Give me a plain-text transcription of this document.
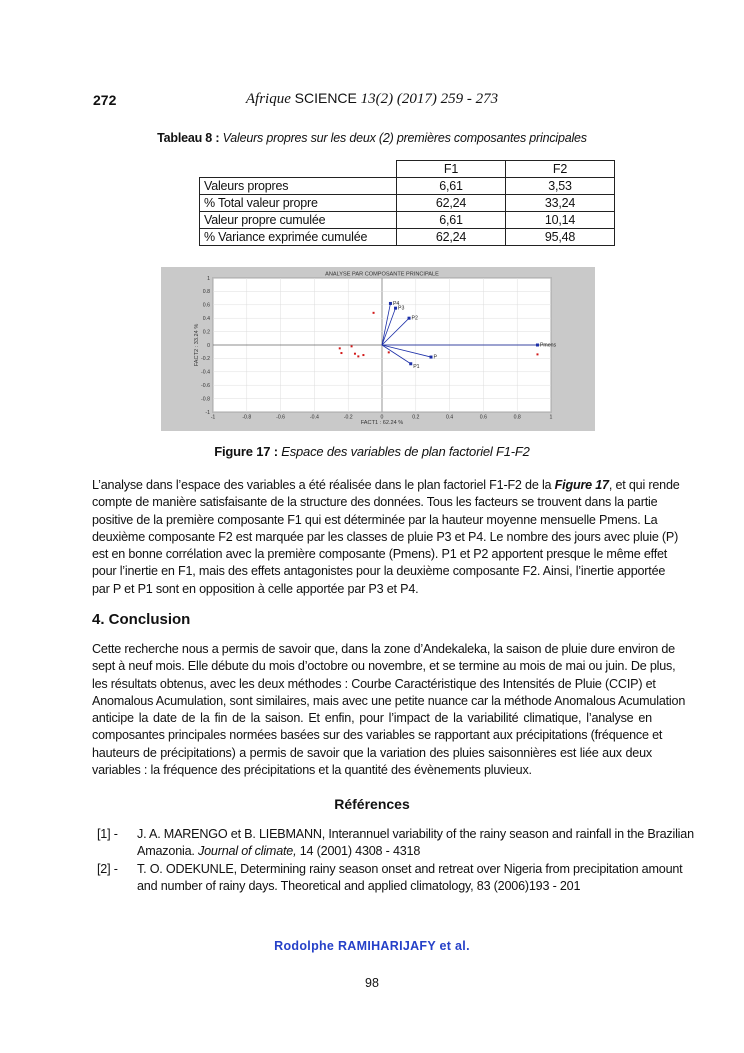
272	Afrique SCIENCE 13(2) (2017) 259 - 273
Tableau 8 : Valeurs propres sur les deux (2) premières composantes principales
	F1	F2
Valeurs propres	6,61	3,53
% Total valeur propre	62,24	33,24
Valeur propre cumulée	6,61	10,14
% Variance exprimée cumulée	62,24	95,48
ANALYSE PAR COMPOSANTE PRINCIPALE
FACT1 : 62.24 %
FACT2 : 33.24 %
-1	-0.8	-0.6	-0.4	-0.2	0	0.2	0.4	0.6	0.8	1
1
0.8
0.6
0.4
0.2
0
-0.2
-0.4
-0.6
-0.8
-1
P4
P3
P2
P
P1
Pmens
Figure 17 : Espace des variables de plan factoriel F1-F2
L’analyse dans l’espace des variables a été réalisée dans le plan factoriel F1-F2 de la Figure 17, et qui rende
compte de manière satisfaisante de la structure des données. Tous les facteurs se trouvent dans la partie
positive de la première composante F1 qui est déterminée par la hauteur moyenne mensuelle Pmens. La
deuxième composante F2 est marquée par les classes de pluie P3 et P4. Le nombre des jours avec pluie (P)
est en bonne corrélation avec la première composante (Pmens). P1 et P2 apportent presque le même effet
pour l’inertie en F1, mais des effets antagonistes pour la deuxième composante F2. Ainsi, l’inertie apportée
par P et P1 sont en opposition à celle apportée par P3 et P4.
4. Conclusion
Cette recherche nous a permis de savoir que, dans la zone d’Andekaleka, la saison de pluie dure environ de
sept à neuf mois. Elle débute du mois d’octobre ou novembre, et se termine au mois de mai ou juin. De plus,
les résultats obtenus, avec les deux méthodes : Courbe Caractéristique des Intensités de Pluie (CCIP) et
Anomalous Acumulation, sont similaires, mais avec une petite nuance car la méthode Anomalous Acumulation
anticipe la date de la fin de la saison. Et enfin, pour l’impact de la variabilité climatique, l’analyse en
composantes principales normées basées sur des variables se rapportant aux précipitations (fréquence et
hauteurs de précipitations) a permis de savoir que la variation des pluies saisonnières est liée aux deux
variables : la fréquence des précipitations et la quantité des évènements pluvieux.
Références
[1] - J. A. MARENGO et B. LIEBMANN, Interannuel variability of the rainy season and rainfall in the Brazilian
Amazonia. Journal of climate, 14 (2001) 4308 - 4318
[2] - T. O. ODEKUNLE, Determining rainy season onset and retreat over Nigeria from precipitation amount
and number of rainy days. Theoretical and applied climatology, 83 (2006)193 - 201
Rodolphe RAMIHARIJAFY et al.
98
